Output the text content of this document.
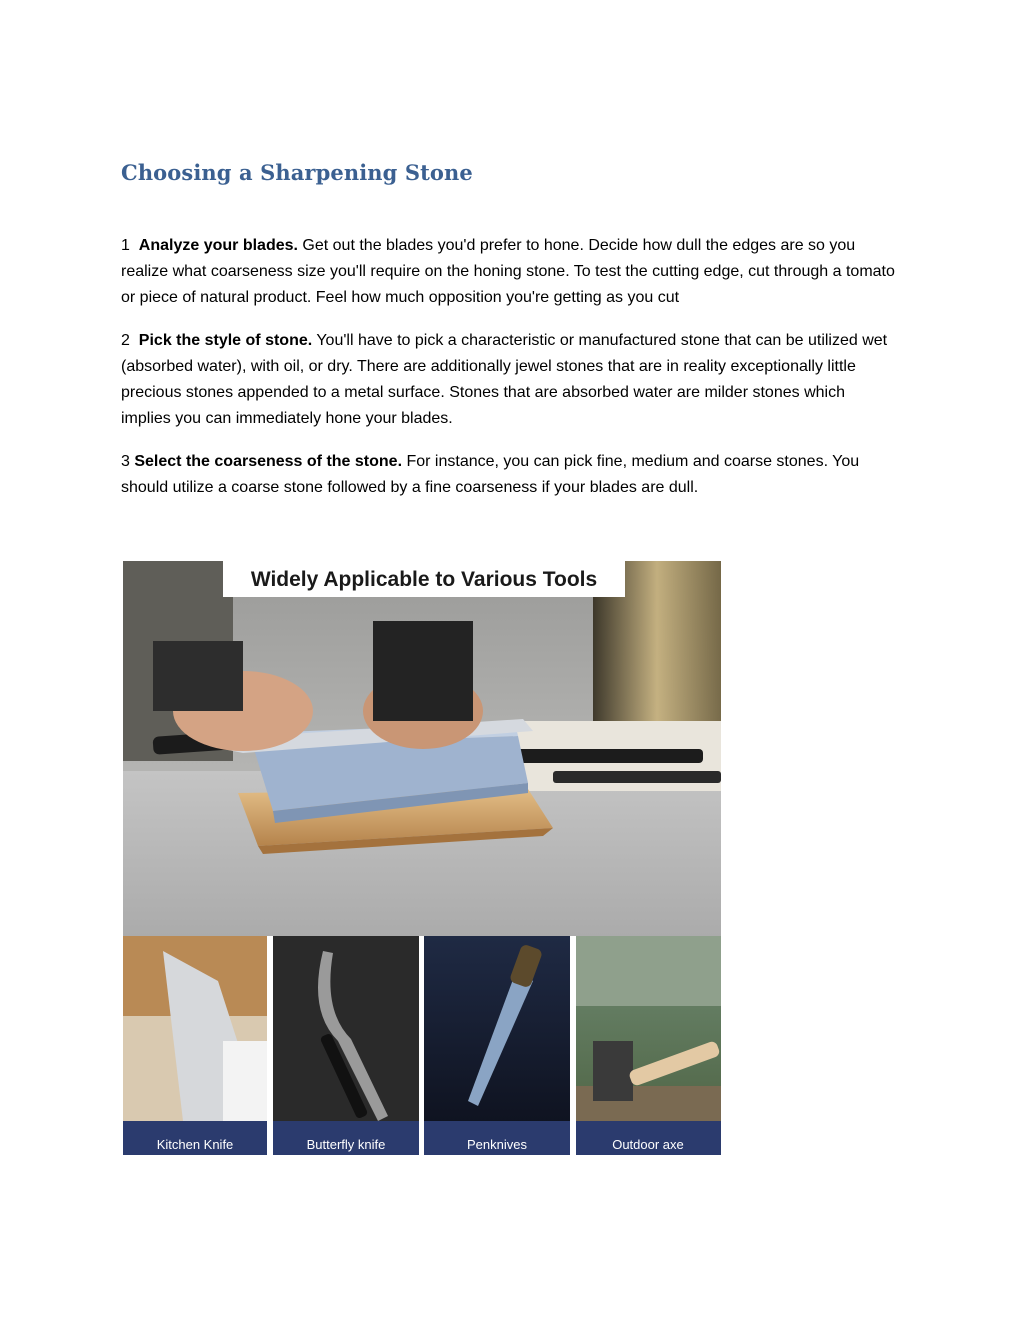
Choosing a Sharpening Stone

1 Analyze your blades. Get out the blades you'd prefer to hone. Decide how dull the edges are so you realize what coarseness size you'll require on the honing stone. To test the cutting edge, cut through a tomato or piece of natural product. Feel how much opposition you're getting as you cut

2 Pick the style of stone. You'll have to pick a characteristic or manufactured stone that can be utilized wet (absorbed water), with oil, or dry. There are additionally jewel stones that are in reality exceptionally little precious stones appended to a metal surface. Stones that are absorbed water are milder stones which implies you can immediately hone your blades.

3 Select the coarseness of the stone. For instance, you can pick fine, medium and coarse stones. You should utilize a coarse stone followed by a fine coarseness if your blades are dull.

Widely Applicable to Various Tools
Kitchen Knife	Butterfly knife	Penknives	Outdoor axe
